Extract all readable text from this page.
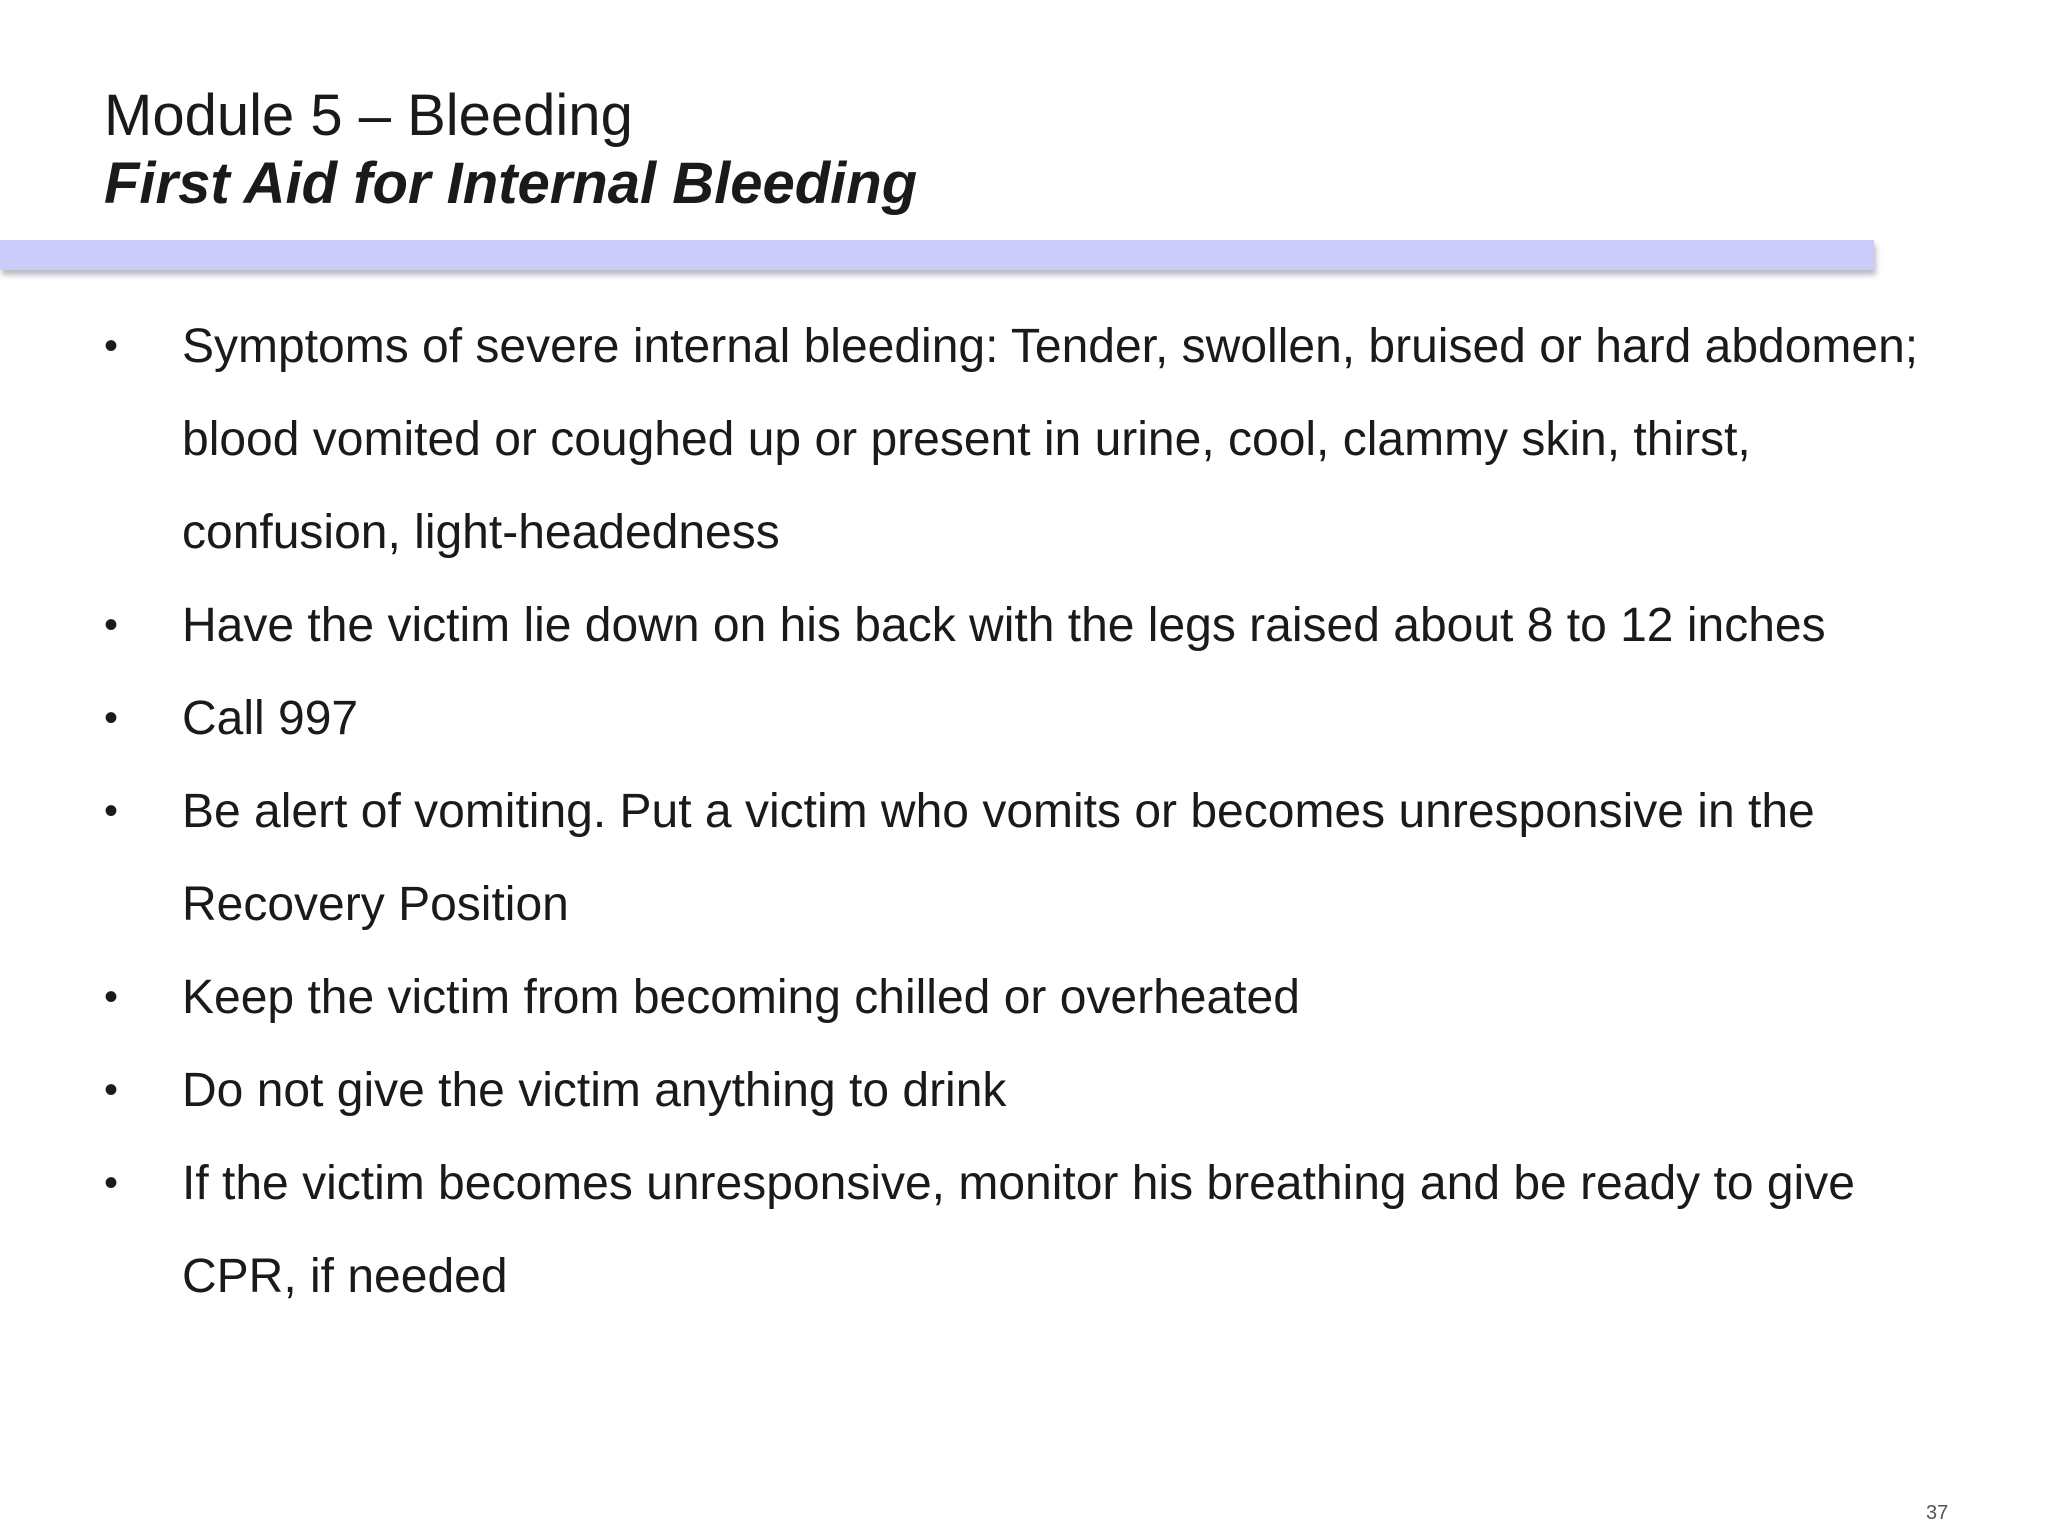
Module 5 – Bleeding
First Aid for Internal Bleeding
•	Symptoms of severe internal bleeding: Tender, swollen, bruised or hard abdomen; blood vomited or coughed up or present in urine, cool, clammy skin, thirst, confusion, light-headedness
•	Have the victim lie down on his back with the legs raised about 8 to 12 inches
•	Call 997
•	Be alert of vomiting. Put a victim who vomits or becomes unresponsive in the Recovery Position
•	Keep the victim from becoming chilled or overheated
•	Do not give the victim anything to drink
•	If the victim becomes unresponsive, monitor his breathing and be ready to give CPR, if needed
37
